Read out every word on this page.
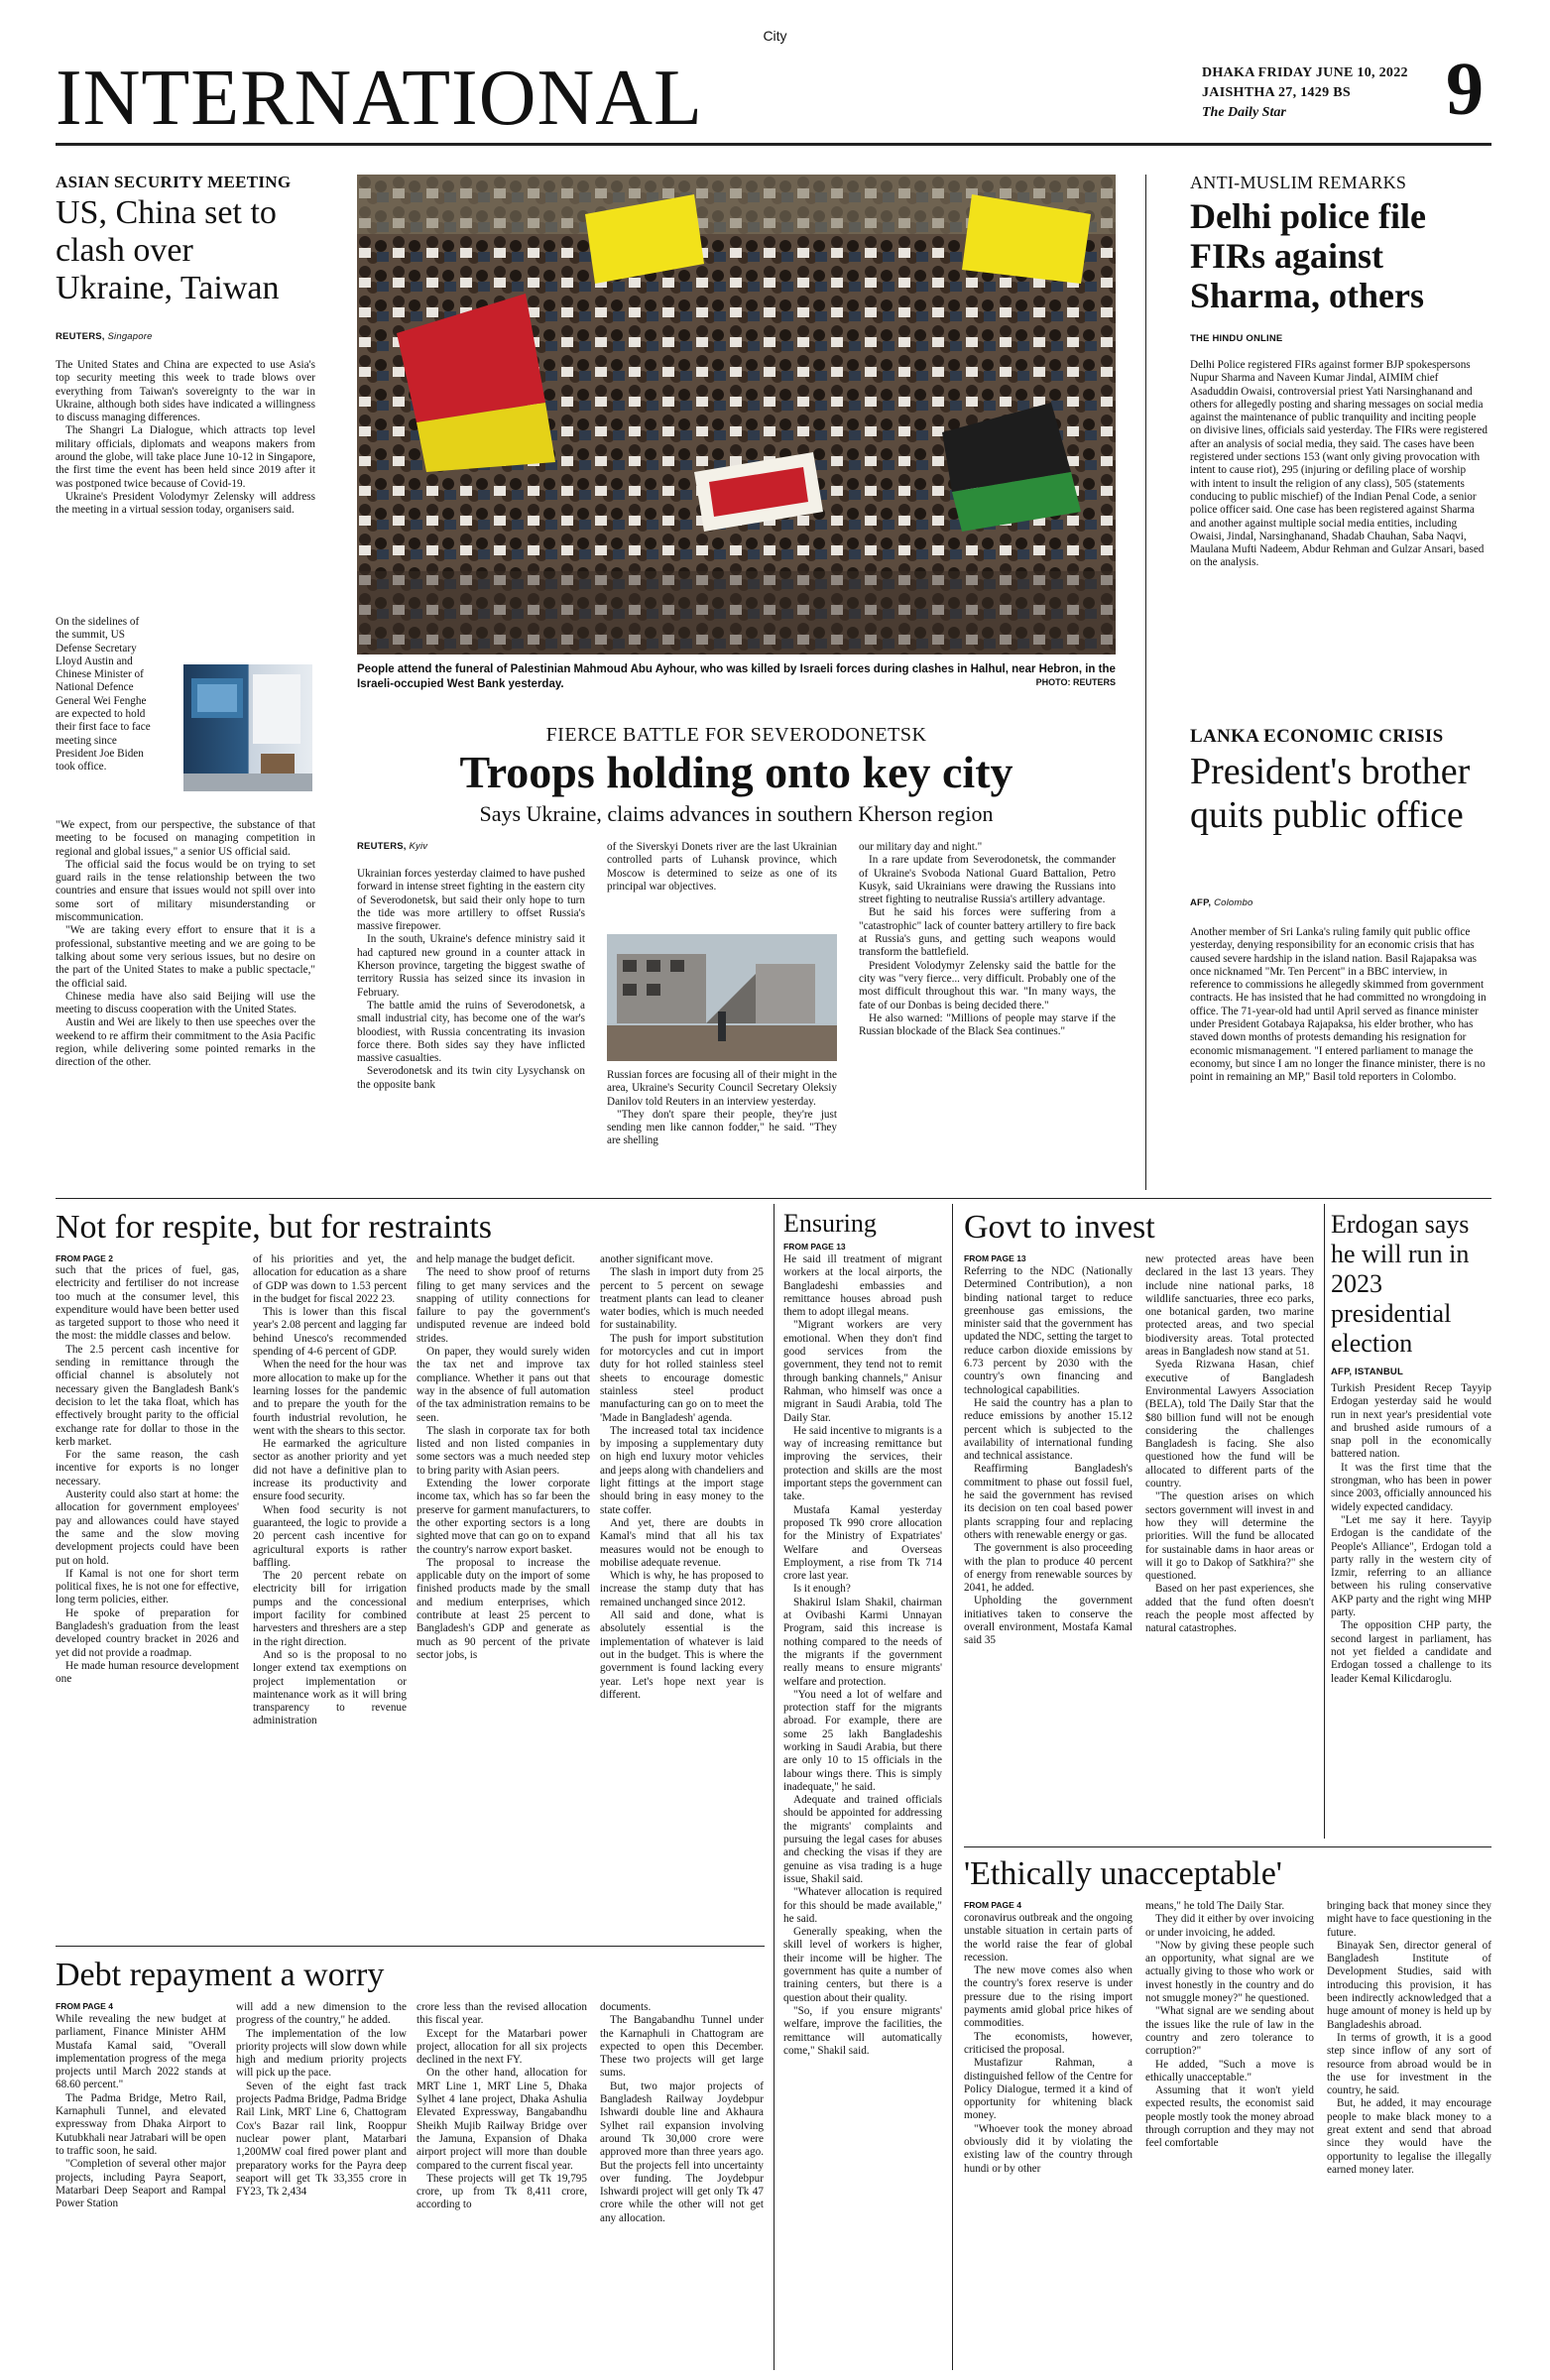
City
INTERNATIONAL	DHAKA FRIDAY JUNE 10, 2022
JAISHTHA 27, 1429 BS
The Daily Star 9
ASIAN SECURITY MEETING
US, China set to clash over Ukraine, Taiwan
REUTERS, Singapore

The United States and China are expected to use Asia's top security meeting this week to trade blows over everything from Taiwan's sovereignty to the war in Ukraine, although both sides have indicated a willingness to discuss managing differences.

The Shangri La Dialogue, which attracts top level military officials, diplomats and weapons makers from around the globe, will take place June 10-12 in Singapore, the first time the event has been held since 2019 after it was postponed twice because of Covid-19.

Ukraine's President Volodymyr Zelensky will address the meeting in a virtual session today, organisers said.

On the sidelines of the summit, US Defense Secretary Lloyd Austin and Chinese Minister of National Defence General Wei Fenghe are expected to hold their first face to face meeting since President Joe Biden took office.

"We expect, from our perspective, the substance of that meeting to be focused on managing competition in regional and global issues," a senior US official said.

The official said the focus would be on trying to set guard rails in the tense relationship between the two countries and ensure that issues would not spill over into some sort of military misunderstanding or miscommunication.

"We are taking every effort to ensure that it is a professional, substantive meeting and we are going to be talking about some very serious issues, but no desire on the part of the United States to make a public spectacle," the official said.

Chinese media have also said Beijing will use the meeting to discuss cooperation with the United States.

Austin and Wei are likely to then use speeches over the weekend to re affirm their commitment to the Asia Pacific region, while delivering some pointed remarks in the direction of the other.

People attend the funeral of Palestinian Mahmoud Abu Ayhour, who was killed by Israeli forces during clashes in Halhul, near Hebron, in the Israeli-occupied West Bank yesterday.	PHOTO: REUTERS
FIERCE BATTLE FOR SEVERODONETSK
Troops holding onto key city
Says Ukraine, claims advances in southern Kherson region
REUTERS, Kyiv

Ukrainian forces yesterday claimed to have pushed forward in intense street fighting in the eastern city of Severodonetsk, but said their only hope to turn the tide was more artillery to offset Russia's massive firepower.

In the south, Ukraine's defence ministry said it had captured new ground in a counter attack in Kherson province, targeting the biggest swathe of territory Russia has seized since its invasion in February.

The battle amid the ruins of Severodonetsk, a small industrial city, has become one of the war's bloodiest, with Russia concentrating its invasion force there. Both sides say they have inflicted massive casualties.

Severodonetsk and its twin city Lysychansk on the opposite bank

of the Siverskyi Donets river are the last Ukrainian controlled parts of Luhansk province, which Moscow is determined to seize as one of its principal war objectives.

Russian forces are focusing all of their might in the area, Ukraine's Security Council Secretary Oleksiy Danilov told Reuters in an interview yesterday.

"They don't spare their people, they're just sending men like cannon fodder," he said. "They are shelling

our military day and night."

In a rare update from Severodonetsk, the commander of Ukraine's Svoboda National Guard Battalion, Petro Kusyk, said Ukrainians were drawing the Russians into street fighting to neutralise Russia's artillery advantage.

But he said his forces were suffering from a "catastrophic" lack of counter battery artillery to fire back at Russia's guns, and getting such weapons would transform the battlefield.

President Volodymyr Zelensky said the battle for the city was "very fierce... very difficult. Probably one of the most difficult throughout this war. "In many ways, the fate of our Donbas is being decided there."

He also warned: "Millions of people may starve if the Russian blockade of the Black Sea continues."

ANTI-MUSLIM REMARKS
Delhi police file FIRs against Sharma, others
THE HINDU ONLINE

Delhi Police registered FIRs against former BJP spokespersons Nupur Sharma and Naveen Kumar Jindal, AIMIM chief Asaduddin Owaisi, controversial priest Yati Narsinghanand and others for allegedly posting and sharing messages on social media against the maintenance of public tranquility and inciting people on divisive lines, officials said yesterday. The FIRs were registered after an analysis of social media, they said. The cases have been registered under sections 153 (want only giving provocation with intent to cause riot), 295 (injuring or defiling place of worship with intent to insult the religion of any class), 505 (statements conducing to public mischief) of the Indian Penal Code, a senior police officer said. One case has been registered against Sharma and another against multiple social media entities, including Owaisi, Jindal, Narsinghanand, Shadab Chauhan, Saba Naqvi, Maulana Mufti Nadeem, Abdur Rehman and Gulzar Ansari, based on the analysis.

LANKA ECONOMIC CRISIS
President's brother quits public office
AFP, Colombo

Another member of Sri Lanka's ruling family quit public office yesterday, denying responsibility for an economic crisis that has caused severe hardship in the island nation. Basil Rajapaksa was once nicknamed "Mr. Ten Percent" in a BBC interview, in reference to commissions he allegedly skimmed from government contracts. He has insisted that he had committed no wrongdoing in office. The 71-year-old had until April served as finance minister under President Gotabaya Rajapaksa, his elder brother, who has staved down months of protests demanding his resignation for economic mismanagement. "I entered parliament to manage the economy, but since I am no longer the finance minister, there is no point in remaining an MP," Basil told reporters in Colombo.

Not for respite, but for restraints
FROM PAGE 2

such that the prices of fuel, gas, electricity and fertiliser do not increase too much at the consumer level, this expenditure would have been better used as targeted support to those who need it the most: the middle classes and below.

The 2.5 percent cash incentive for sending in remittance through the official channel is absolutely not necessary given the Bangladesh Bank's decision to let the taka float, which has effectively brought parity to the official exchange rate for dollar to those in the kerb market.

For the same reason, the cash incentive for exports is no longer necessary.

Austerity could also start at home: the allocation for government employees' pay and allowances could have stayed the same and the slow moving development projects could have been put on hold.

If Kamal is not one for short term political fixes, he is not one for effective, long term policies, either.

He spoke of preparation for Bangladesh's graduation from the least developed country bracket in 2026 and yet did not provide a roadmap.

He made human resource development one

of his priorities and yet, the allocation for education as a share of GDP was down to 1.53 percent in the budget for fiscal 2022 23.

This is lower than this fiscal year's 2.08 percent and lagging far behind Unesco's recommended spending of 4-6 percent of GDP.

When the need for the hour was more allocation to make up for the learning losses for the pandemic and to prepare the youth for the fourth industrial revolution, he went with the shears to this sector.

He earmarked the agriculture sector as another priority and yet did not have a definitive plan to increase its productivity and ensure food security.

When food security is not guaranteed, the logic to provide a 20 percent cash incentive for agricultural exports is rather baffling.

The 20 percent rebate on electricity bill for irrigation pumps and the concessional import facility for combined harvesters and threshers are a step in the right direction.

And so is the proposal to no longer extend tax exemptions on project implementation or maintenance work as it will bring transparency to revenue administration

and help manage the budget deficit.

The need to show proof of returns filing to get many services and the snapping of utility connections for failure to pay the government's undisputed revenue are indeed bold strides.

On paper, they would surely widen the tax net and improve tax compliance. Whether it pans out that way in the absence of full automation of the tax administration remains to be seen.

The slash in corporate tax for both listed and non listed companies in some sectors was a much needed step to bring parity with Asian peers.

Extending the lower corporate income tax, which has so far been the preserve for garment manufacturers, to the other exporting sectors is a long sighted move that can go on to expand the country's narrow export basket.

The proposal to increase the applicable duty on the import of some finished products made by the small and medium enterprises, which contribute at least 25 percent to Bangladesh's GDP and generate as much as 90 percent of the private sector jobs, is

another significant move.

The slash in import duty from 25 percent to 5 percent on sewage treatment plants can lead to cleaner water bodies, which is much needed for sustainability.

The push for import substitution for motorcycles and cut in import duty for hot rolled stainless steel sheets to encourage domestic stainless steel product manufacturing can go on to meet the 'Made in Bangladesh' agenda.

The increased total tax incidence by imposing a supplementary duty on high end luxury motor vehicles and jeeps along with chandeliers and light fittings at the import stage should bring in easy money to the state coffer.

And yet, there are doubts in Kamal's mind that all his tax measures would not be enough to mobilise adequate revenue.

Which is why, he has proposed to increase the stamp duty that has remained unchanged since 2012.

All said and done, what is absolutely essential is the implementation of whatever is laid out in the budget. This is where the government is found lacking every year. Let's hope next year is different.

Ensuring
FROM PAGE 13

He said ill treatment of migrant workers at the local airports, the Bangladeshi embassies and remittance houses abroad push them to adopt illegal means.

"Migrant workers are very emotional. When they don't find good services from the government, they tend not to remit through banking channels," Anisur Rahman, who himself was once a migrant in Saudi Arabia, told The Daily Star.

He said incentive to migrants is a way of increasing remittance but improving the services, their protection and skills are the most important steps the government can take.

Mustafa Kamal yesterday proposed Tk 990 crore allocation for the Ministry of Expatriates' Welfare and Overseas Employment, a rise from Tk 714 crore last year.

Is it enough?

Shakirul Islam Shakil, chairman at Ovibashi Karmi Unnayan Program, said this increase is nothing compared to the needs of the migrants if the government really means to ensure migrants' welfare and protection.

"You need a lot of welfare and protection staff for the migrants abroad. For example, there are some 25 lakh Bangladeshis working in Saudi Arabia, but there are only 10 to 15 officials in the labour wings there. This is simply inadequate," he said.

Adequate and trained officials should be appointed for addressing the migrants' complaints and pursuing the legal cases for abuses and checking the visas if they are genuine as visa trading is a huge issue, Shakil said.

"Whatever allocation is required for this should be made available," he said.

Generally speaking, when the skill level of workers is higher, their income will be higher. The government has quite a number of training centers, but there is a question about their quality.

"So, if you ensure migrants' welfare, improve the facilities, the remittance will automatically come," Shakil said.

Govt to invest
FROM PAGE 13

Referring to the NDC (Nationally Determined Contribution), a non binding national target to reduce greenhouse gas emissions, the minister said that the government has updated the NDC, setting the target to reduce carbon dioxide emissions by 6.73 percent by 2030 with the country's own financing and technological capabilities.

He said the country has a plan to reduce emissions by another 15.12 percent which is subjected to the availability of international funding and technical assistance.

Reaffirming Bangladesh's commitment to phase out fossil fuel, he said the government has revised its decision on ten coal based power plants scrapping four and replacing others with renewable energy or gas.

The government is also proceeding with the plan to produce 40 percent of energy from renewable sources by 2041, he added.

Upholding the government initiatives taken to conserve the overall environment, Mostafa Kamal said 35

new protected areas have been declared in the last 13 years. They include nine national parks, 18 wildlife sanctuaries, three eco parks, one botanical garden, two marine protected areas, and two special biodiversity areas. Total protected areas in Bangladesh now stand at 51.

Syeda Rizwana Hasan, chief executive of Bangladesh Environmental Lawyers Association (BELA), told The Daily Star that the $80 billion fund will not be enough considering the challenges Bangladesh is facing. She also questioned how the fund will be allocated to different parts of the country.

"The question arises on which sectors government will invest in and how they will determine the priorities. Will the fund be allocated for sustainable dams in haor areas or will it go to Dakop of Satkhira?" she questioned.

Based on her past experiences, she added that the fund often doesn't reach the people most affected by natural catastrophes.

Erdogan says he will run in 2023 presidential election
AFP, ISTANBUL

Turkish President Recep Tayyip Erdogan yesterday said he would run in next year's presidential vote and brushed aside rumours of a snap poll in the economically battered nation.

It was the first time that the strongman, who has been in power since 2003, officially announced his widely expected candidacy.

"Let me say it here. Tayyip Erdogan is the candidate of the People's Alliance", Erdogan told a party rally in the western city of Izmir, referring to an alliance between his ruling conservative AKP party and the right wing MHP party.

The opposition CHP party, the second largest in parliament, has not yet fielded a candidate and Erdogan tossed a challenge to its leader Kemal Kilicdaroglu.

Debt repayment a worry
FROM PAGE 4

While revealing the new budget at parliament, Finance Minister AHM Mustafa Kamal said, "Overall implementation progress of the mega projects until March 2022 stands at 68.60 percent."

The Padma Bridge, Metro Rail, Karnaphuli Tunnel, and elevated expressway from Dhaka Airport to Kutubkhali near Jatrabari will be open to traffic soon, he said.

"Completion of several other major projects, including Payra Seaport, Matarbari Deep Seaport and Rampal Power Station

will add a new dimension to the progress of the country," he added.

The implementation of the low priority projects will slow down while high and medium priority projects will pick up the pace.

Seven of the eight fast track projects Padma Bridge, Padma Bridge Rail Link, MRT Line 6, Chattogram Cox's Bazar rail link, Rooppur nuclear power plant, Matarbari 1,200MW coal fired power plant and preparatory works for the Payra deep seaport will get Tk 33,355 crore in FY23, Tk 2,434

crore less than the revised allocation this fiscal year.

Except for the Matarbari power project, allocation for all six projects declined in the next FY.

On the other hand, allocation for MRT Line 1, MRT Line 5, Dhaka Sylhet 4 lane project, Dhaka Ashulia Elevated Expressway, Bangabandhu Sheikh Mujib Railway Bridge over the Jamuna, Expansion of Dhaka airport project will more than double compared to the current fiscal year.

These projects will get Tk 19,795 crore, up from Tk 8,411 crore, according to

documents.

The Bangabandhu Tunnel under the Karnaphuli in Chattogram are expected to open this December. These two projects will get large sums.

But, two major projects of Bangladesh Railway Joydebpur Ishwardi double line and Akhaura Sylhet rail expansion involving around Tk 30,000 crore were approved more than three years ago. But the projects fell into uncertainty over funding. The Joydebpur Ishwardi project will get only Tk 47 crore while the other will not get any allocation.

'Ethically unacceptable'
FROM PAGE 4

coronavirus outbreak and the ongoing unstable situation in certain parts of the world raise the fear of global recession.

The new move comes also when the country's forex reserve is under pressure due to the rising import payments amid global price hikes of commodities.

The economists, however, criticised the proposal.

Mustafizur Rahman, a distinguished fellow of the Centre for Policy Dialogue, termed it a kind of opportunity for whitening black money.

"Whoever took the money abroad obviously did it by violating the existing law of the country through hundi or by other

means," he told The Daily Star.

They did it either by over invoicing or under invoicing, he added.

"Now by giving these people such an opportunity, what signal are we actually giving to those who work or invest honestly in the country and do not smuggle money?" he questioned.

"What signal are we sending about the issues like the rule of law in the country and zero tolerance to corruption?"

He added, "Such a move is ethically unacceptable."

Assuming that it won't yield expected results, the economist said people mostly took the money abroad through corruption and they may not feel comfortable

bringing back that money since they might have to face questioning in the future.

Binayak Sen, director general of Bangladesh Institute of Development Studies, said with introducing this provision, it has been indirectly acknowledged that a huge amount of money is held up by Bangladeshis abroad.

In terms of growth, it is a good step since inflow of any sort of resource from abroad would be in the use for investment in the country, he said.

But, he added, it may encourage people to make black money to a great extent and send that abroad since they would have the opportunity to legalise the illegally earned money later.
